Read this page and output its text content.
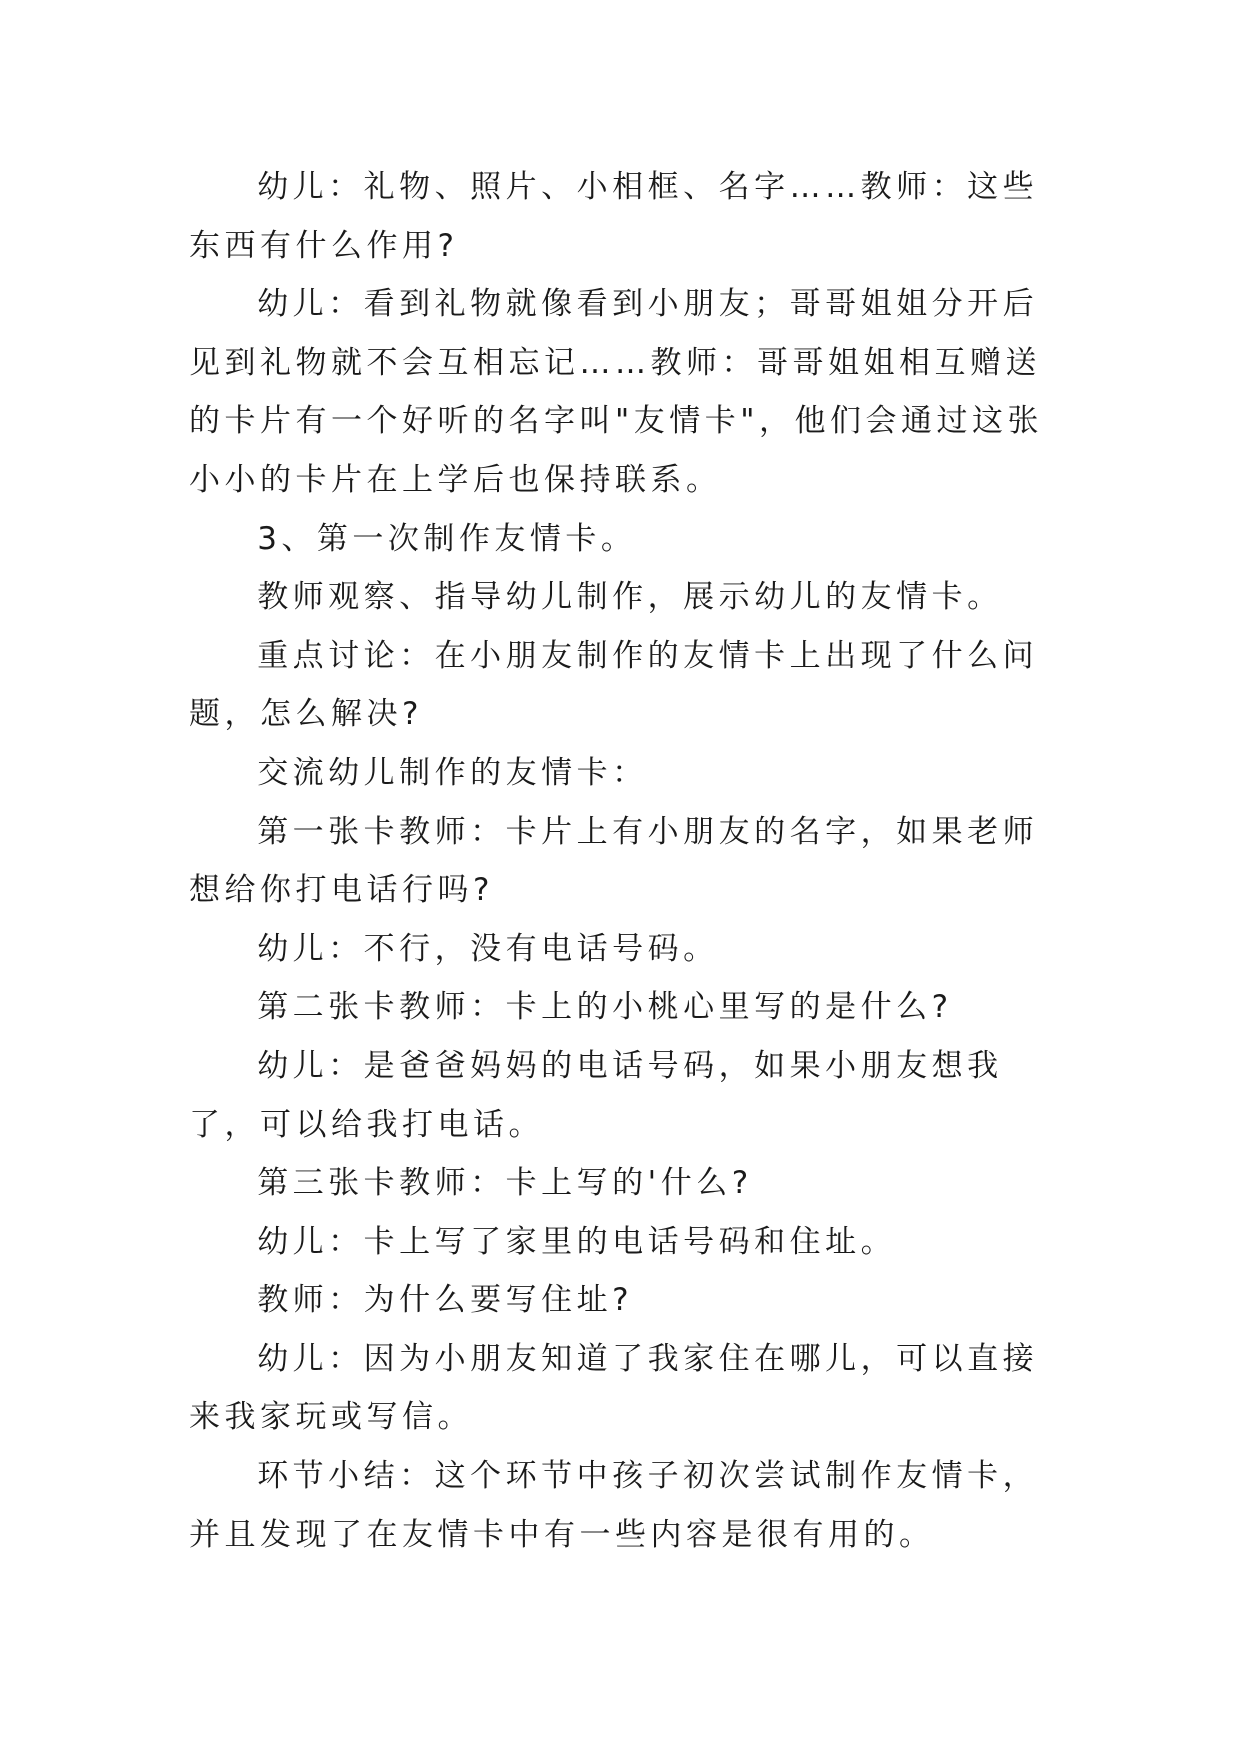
幼儿：礼物、照片、小相框、名字……教师：这些东西有什么作用?

幼儿：看到礼物就像看到小朋友；哥哥姐姐分开后见到礼物就不会互相忘记……教师：哥哥姐姐相互赠送的卡片有一个好听的名字叫"友情卡"，他们会通过这张小小的卡片在上学后也保持联系。

3、第一次制作友情卡。

教师观察、指导幼儿制作，展示幼儿的友情卡。

重点讨论：在小朋友制作的友情卡上出现了什么问题，怎么解决?

交流幼儿制作的友情卡：

第一张卡教师：卡片上有小朋友的名字，如果老师想给你打电话行吗?

幼儿：不行，没有电话号码。

第二张卡教师：卡上的小桃心里写的是什么?

幼儿：是爸爸妈妈的电话号码，如果小朋友想我了，可以给我打电话。

第三张卡教师：卡上写的'什么?

幼儿：卡上写了家里的电话号码和住址。

教师：为什么要写住址?

幼儿：因为小朋友知道了我家住在哪儿，可以直接来我家玩或写信。

环节小结：这个环节中孩子初次尝试制作友情卡，并且发现了在友情卡中有一些内容是很有用的。
